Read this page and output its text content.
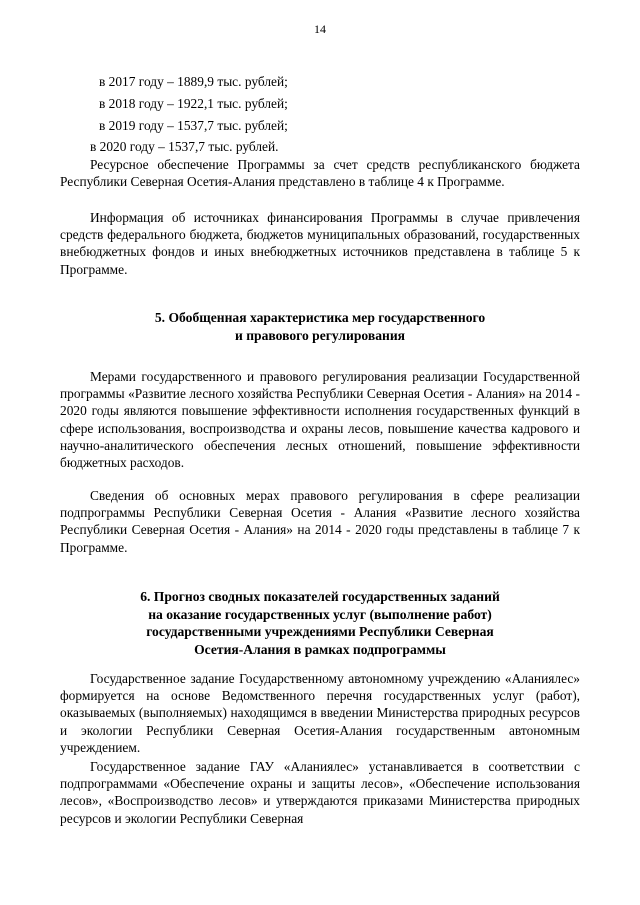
14
в 2017 году – 1889,9 тыс. рублей;
в 2018 году – 1922,1 тыс. рублей;
в 2019 году – 1537,7 тыс. рублей;
в 2020 году – 1537,7 тыс. рублей.

Ресурсное обеспечение Программы за счет средств республиканского бюджета Республики Северная Осетия-Алания представлено в таблице 4 к Программе.

Информация об источниках финансирования Программы в случае привлечения средств федерального бюджета, бюджетов муниципальных образований, государственных внебюджетных фондов и иных внебюджетных источников представлена в таблице 5 к Программе.

5. Обобщенная характеристика мер государственного
и правового регулирования

Мерами государственного и правового регулирования реализации Государственной программы «Развитие лесного хозяйства Республики Северная Осетия - Алания» на 2014 - 2020 годы являются повышение эффективности исполнения государственных функций в сфере использования, воспроизводства и охраны лесов, повышение качества кадрового и научно-аналитического обеспечения лесных отношений, повышение эффективности бюджетных расходов.

Сведения об основных мерах правового регулирования в сфере реализации подпрограммы Республики Северная Осетия - Алания «Развитие лесного хозяйства Республики Северная Осетия - Алания» на 2014 - 2020 годы представлены в таблице 7 к Программе.

6. Прогноз сводных показателей государственных заданий
на оказание государственных услуг (выполнение работ)
государственными учреждениями Республики Северная
Осетия-Алания в рамках подпрограммы

Государственное задание Государственному автономному учреждению «Аланиялес» формируется на основе Ведомственного перечня государственных услуг (работ), оказываемых (выполняемых) находящимся в введении Министерства природных ресурсов и экологии Республики Северная Осетия-Алания государственным автономным учреждением.

Государственное задание ГАУ «Аланиялес» устанавливается в соответствии с подпрограммами «Обеспечение охраны и защиты лесов», «Обеспечение использования лесов», «Воспроизводство лесов» и утверждаются приказами Министерства природных ресурсов и экологии Республики Северная
